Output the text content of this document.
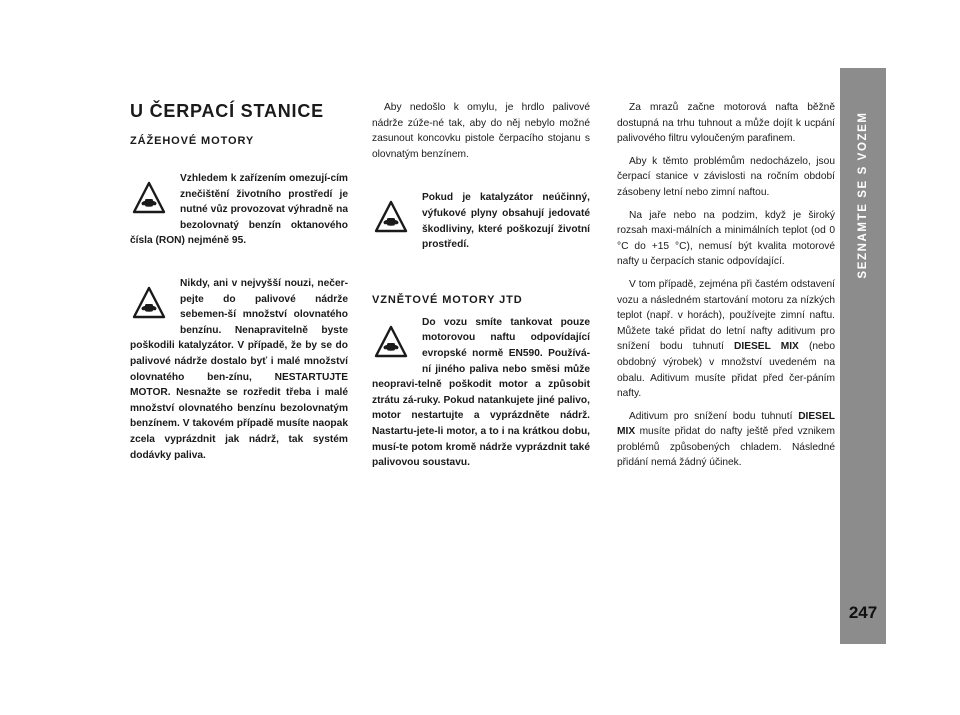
SEZNAMTE SE S VOZEM
247
U ČERPACÍ STANICE
ZÁŽEHOVÉ MOTORY

Vzhledem k zařízením omezují-cím znečištění životního prostředí je nutné vůz provozovat výhradně na bezolovnatý benzín oktanového čísla (RON) nejméně 95.

Nikdy, ani v nejvyšší nouzi, nečer-pejte do palivové nádrže sebemen-ší množství olovnatého benzínu. Nenapravitelně byste poškodili katalyzátor. V případě, že by se do palivové nádrže dostalo byť i malé množství olovnatého ben-zínu, NESTARTUJTE MOTOR. Nesnažte se rozředit třeba i malé množství olovnatého benzínu bezolovnatým benzínem. V takovém případě musíte naopak zcela vyprázdnit jak nádrž, tak systém dodávky paliva.

Aby nedošlo k omylu, je hrdlo palivové nádrže zúže-né tak, aby do něj nebylo možné zasunout koncovku pistole čerpacího stojanu s olovnatým benzínem.

Pokud je katalyzátor neúčinný, výfukové plyny obsahují jedovaté škodliviny, které poškozují životní prostředí.

VZNĚTOVÉ MOTORY JTD

Do vozu smíte tankovat pouze motorovou naftu odpovídající evropské normě EN590. Používá-ní jiného paliva nebo směsi může neopravi-telně poškodit motor a způsobit ztrátu zá-ruky. Pokud natankujete jiné palivo, motor nestartujte a vyprázdněte nádrž. Nastartu-jete-li motor, a to i na krátkou dobu, musí-te potom kromě nádrže vyprázdnit také palivovou soustavu.

Za mrazů začne motorová nafta běžně dostupná na trhu tuhnout a může dojít k ucpání palivového filtru vyloučeným parafinem.

Aby k těmto problémům nedocházelo, jsou čerpací stanice v závislosti na ročním období zásobeny letní nebo zimní naftou.

Na jaře nebo na podzim, když je široký rozsah maxi-málních a minimálních teplot (od 0 °C do +15 °C), nemusí být kvalita motorové nafty u čerpacích stanic odpovídající.

V tom případě, zejména při častém odstavení vozu a následném startování motoru za nízkých teplot (např. v horách), používejte zimní naftu. Můžete také přidat do letní nafty aditivum pro snížení bodu tuhnutí DIESEL MIX (nebo obdobný výrobek) v množství uvedeném na obalu. Aditivum musíte přidat před čer-páním nafty.

Aditivum pro snížení bodu tuhnutí DIESEL MIX musíte přidat do nafty ještě před vznikem problémů způsobených chladem. Následné přidání nemá žádný účinek.
